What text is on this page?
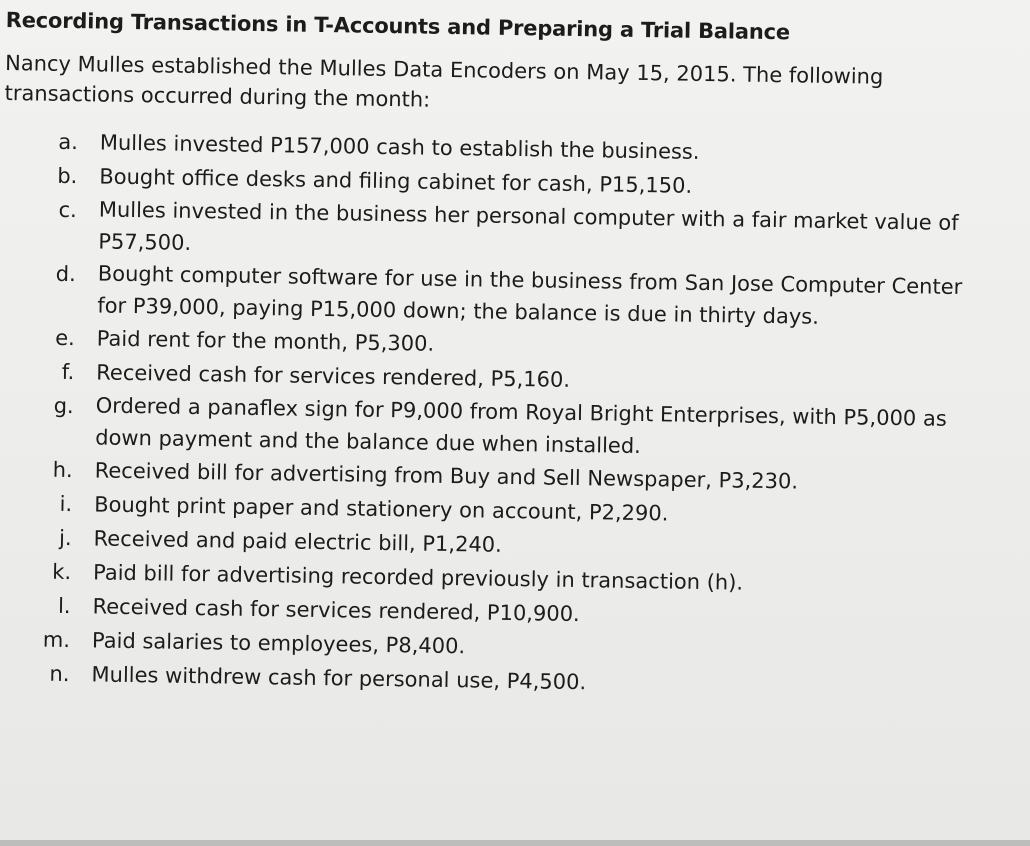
Recording Transactions in T-Accounts and Preparing a Trial Balance

Nancy Mulles established the Mulles Data Encoders on May 15, 2015. The following transactions occurred during the month:

a.	Mulles invested P157,000 cash to establish the business.
b.	Bought office desks and filing cabinet for cash, P15,150.
c.	Mulles invested in the business her personal computer with a fair market value of P57,500.
d.	Bought computer software for use in the business from San Jose Computer Center for P39,000, paying P15,000 down; the balance is due in thirty days.
e.	Paid rent for the month, P5,300.
f.	Received cash for services rendered, P5,160.
g.	Ordered a panaflex sign for P9,000 from Royal Bright Enterprises, with P5,000 as down payment and the balance due when installed.
h.	Received bill for advertising from Buy and Sell Newspaper, P3,230.
i.	Bought print paper and stationery on account, P2,290.
j.	Received and paid electric bill, P1,240.
k.	Paid bill for advertising recorded previously in transaction (h).
l.	Received cash for services rendered, P10,900.
m.	Paid salaries to employees, P8,400.
n.	Mulles withdrew cash for personal use, P4,500.
